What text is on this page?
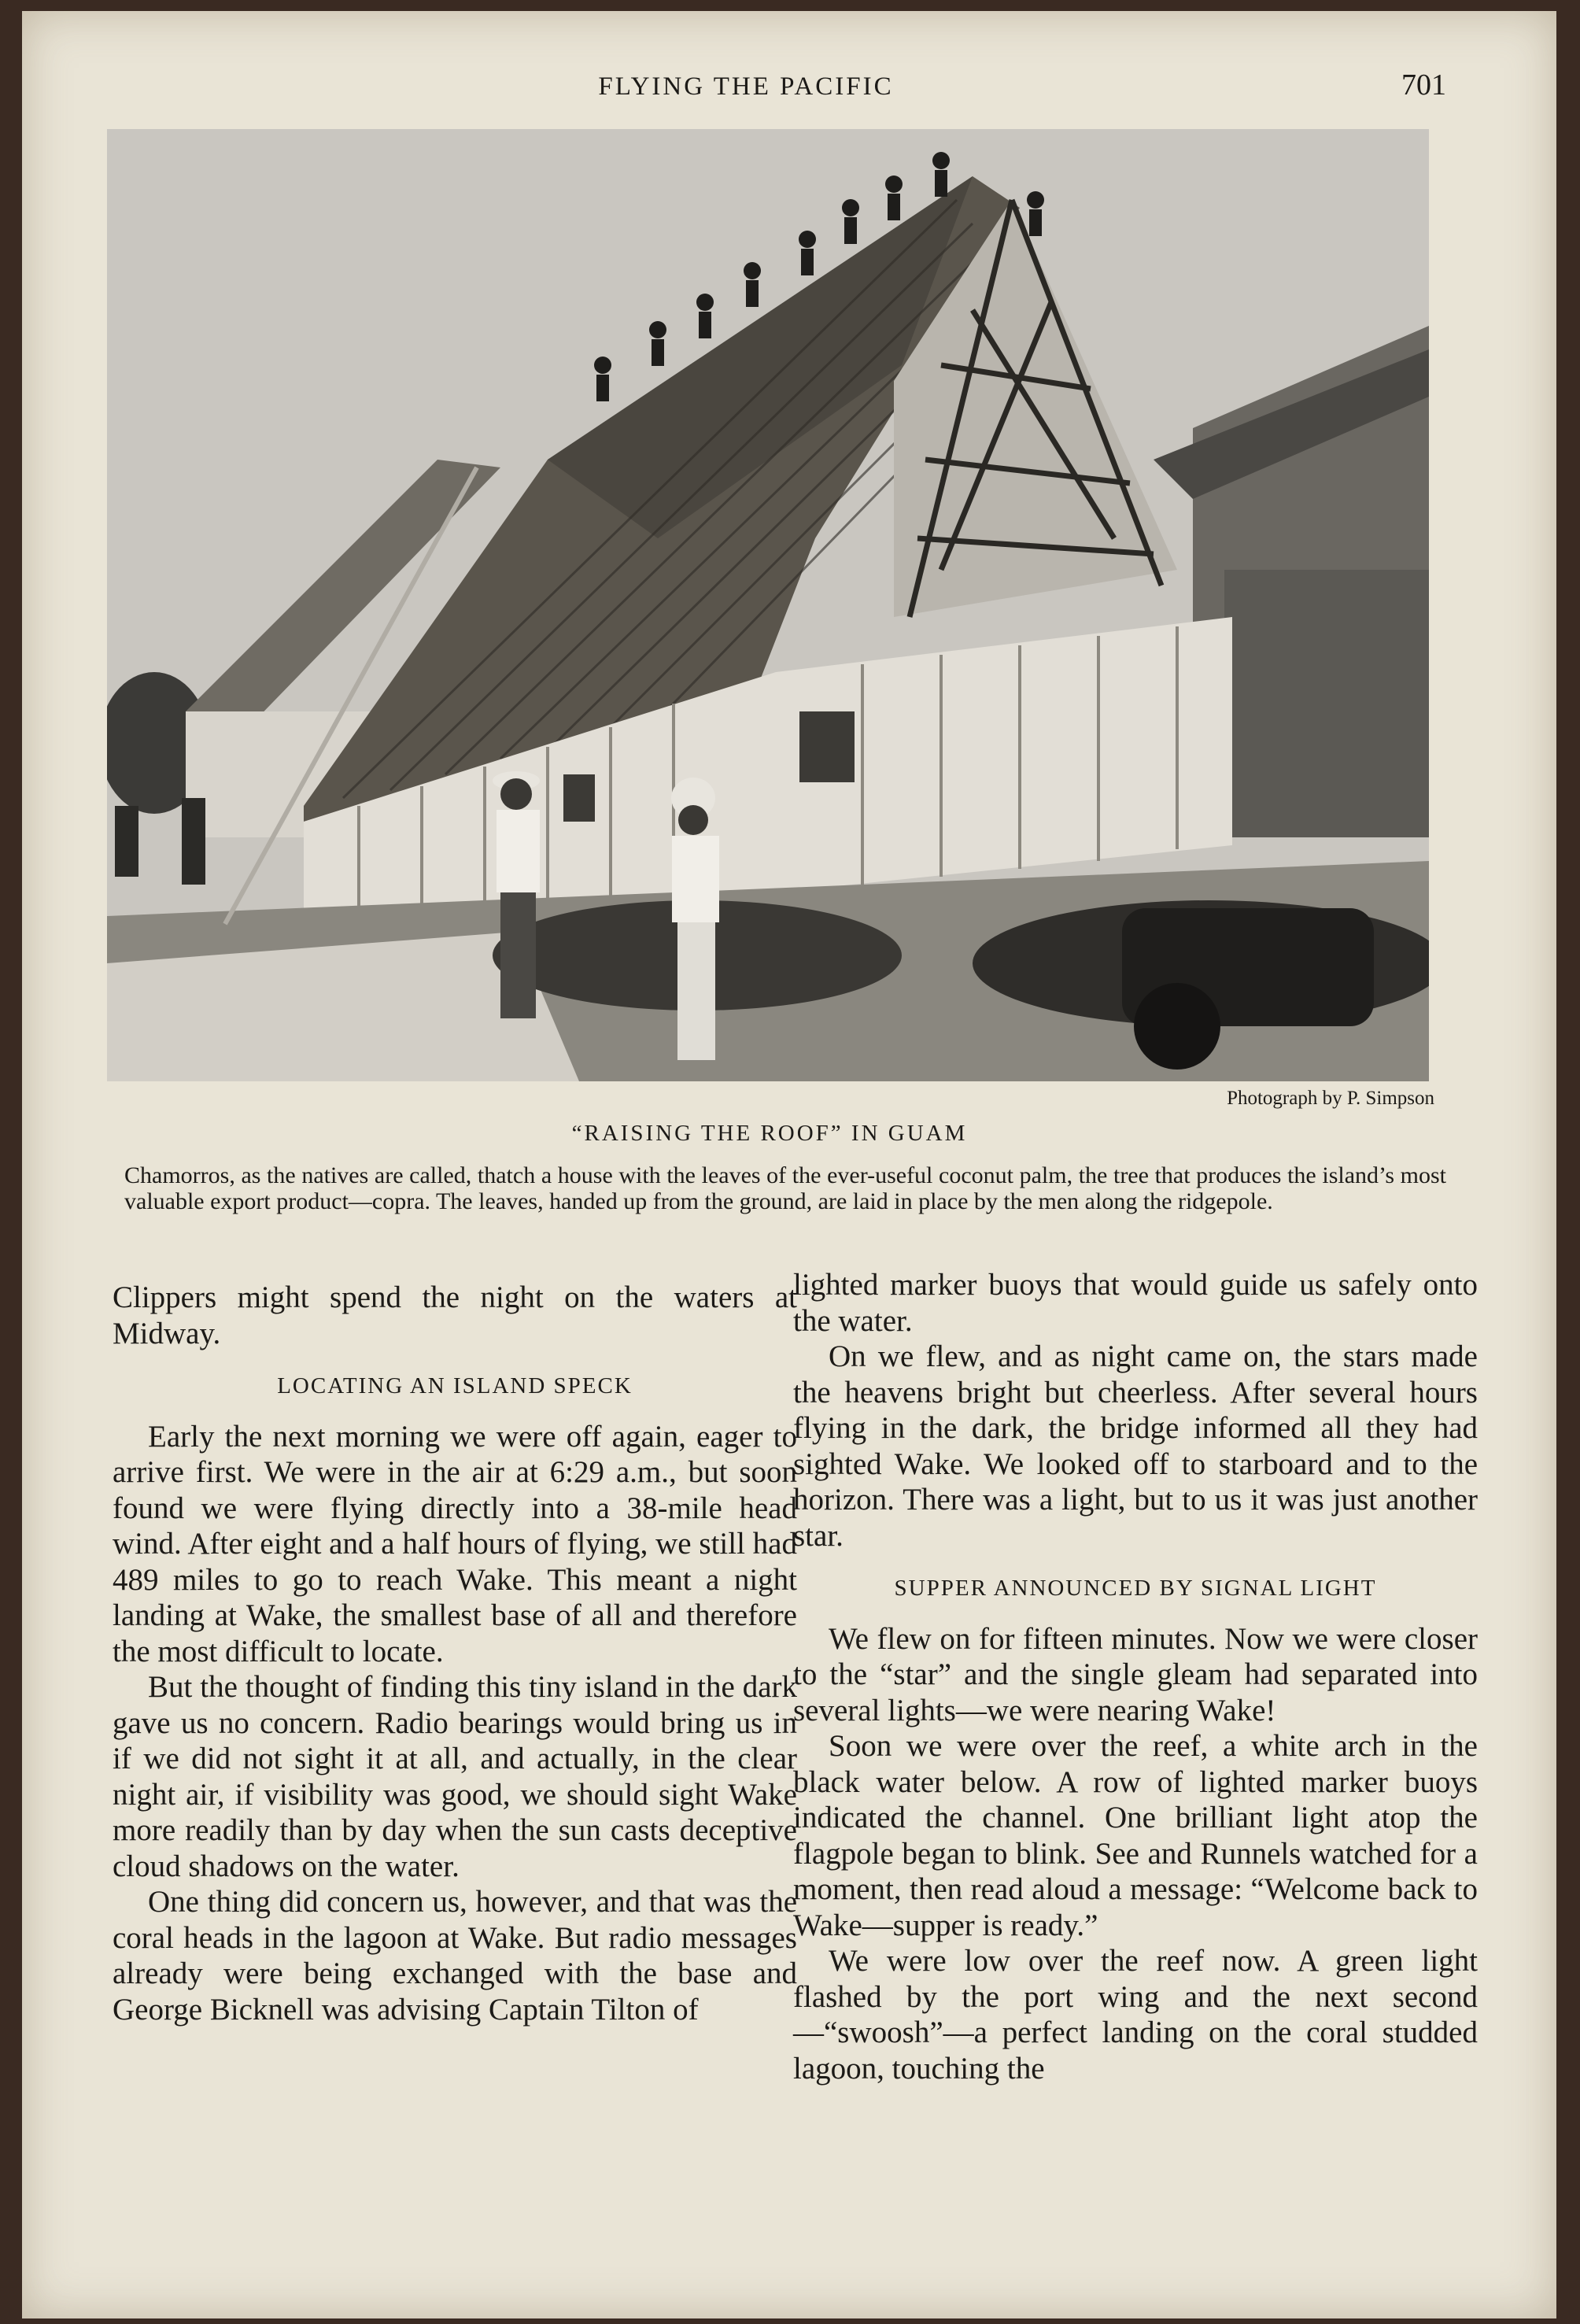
FLYING THE PACIFIC	701
Photograph by P. Simpson
“RAISING THE ROOF” IN GUAM
Chamorros, as the natives are called, thatch a house with the leaves of the ever-useful coconut palm, the tree that produces the island’s most valuable export product—copra. The leaves, handed up from the ground, are laid in place by the men along the ridgepole.

Clippers might spend the night on the waters at Midway.

LOCATING AN ISLAND SPECK

Early the next morning we were off again, eager to arrive first. We were in the air at 6:29 a.m., but soon found we were flying directly into a 38-mile head wind. After eight and a half hours of flying, we still had 489 miles to go to reach Wake. This meant a night landing at Wake, the smallest base of all and therefore the most difficult to locate.

But the thought of finding this tiny island in the dark gave us no concern. Radio bearings would bring us in if we did not sight it at all, and actually, in the clear night air, if visibility was good, we should sight Wake more readily than by day when the sun casts deceptive cloud shadows on the water.

One thing did concern us, however, and that was the coral heads in the lagoon at Wake. But radio messages already were being exchanged with the base and George Bicknell was advising Captain Tilton of

lighted marker buoys that would guide us safely onto the water.

On we flew, and as night came on, the stars made the heavens bright but cheerless. After several hours flying in the dark, the bridge informed all they had sighted Wake. We looked off to starboard and to the horizon. There was a light, but to us it was just another star.

SUPPER ANNOUNCED BY SIGNAL LIGHT

We flew on for fifteen minutes. Now we were closer to the “star” and the single gleam had separated into several lights—we were nearing Wake!

Soon we were over the reef, a white arch in the black water below. A row of lighted marker buoys indicated the channel. One brilliant light atop the flagpole began to blink. See and Runnels watched for a moment, then read aloud a message: “Welcome back to Wake—supper is ready.”

We were low over the reef now. A green light flashed by the port wing and the next second—“swoosh”—a perfect landing on the coral studded lagoon, touching the
